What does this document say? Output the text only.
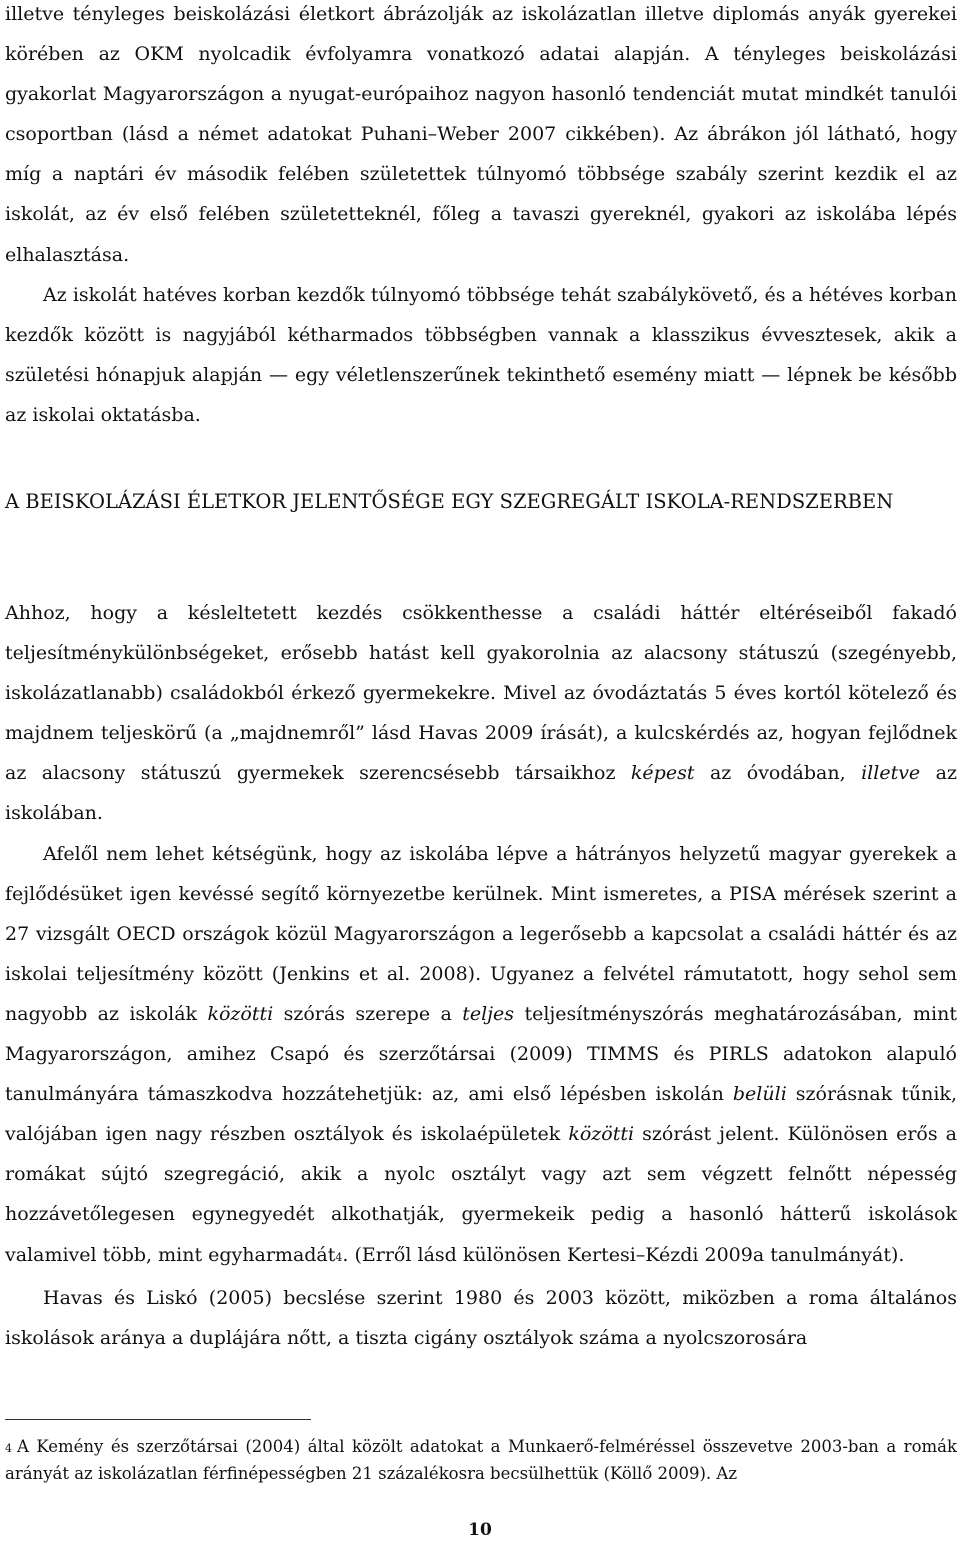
illetve tényleges beiskolázási életkort ábrázolják az iskolázatlan illetve diplomás anyák gyerekei körében az OKM nyolcadik évfolyamra vonatkozó adatai alapján. A tényleges beiskolázási gyakorlat Magyarországon a nyugat-európaihoz nagyon hasonló tendenciát mutat mindkét tanulói csoportban (lásd a német adatokat Puhani–Weber 2007 cikkében). Az ábrákon jól látható, hogy míg a naptári év második felében születettek túlnyomó többsége szabály szerint kezdik el az iskolát, az év első felében születetteknél, főleg a tavaszi gyereknél, gyakori az iskolába lépés elhalasztása.

Az iskolát hatéves korban kezdők túlnyomó többsége tehát szabálykövető, és a hétéves korban kezdők között is nagyjából kétharmados többségben vannak a klasszikus évvesztesek, akik a születési hónapjuk alapján — egy véletlenszerűnek tekinthető esemény miatt — lépnek be később az iskolai oktatásba.

A BEISKOLÁZÁSI ÉLETKOR JELENTŐSÉGE EGY SZEGREGÁLT ISKOLA-RENDSZERBEN

Ahhoz, hogy a késleltetett kezdés csökkenthesse a családi háttér eltéréseiből fakadó teljesítménykülönbségeket, erősebb hatást kell gyakorolnia az alacsony státuszú (szegényebb, iskolázatlanabb) családokból érkező gyermekekre. Mivel az óvodáztatás 5 éves kortól kötelező és majdnem teljeskörű (a „majdnemről” lásd Havas 2009 írását), a kulcskérdés az, hogyan fejlődnek az alacsony státuszú gyermekek szerencsésebb társaikhoz képest az óvodában, illetve az iskolában.

Afelől nem lehet kétségünk, hogy az iskolába lépve a hátrányos helyzetű magyar gyerekek a fejlődésüket igen kevéssé segítő környezetbe kerülnek. Mint ismeretes, a PISA mérések szerint a 27 vizsgált OECD országok közül Magyarországon a legerősebb a kapcsolat a családi háttér és az iskolai teljesítmény között (Jenkins et al. 2008). Ugyanez a felvétel rámutatott, hogy sehol sem nagyobb az iskolák közötti szórás szerepe a teljes teljesítményszórás meghatározásában, mint Magyarországon, amihez Csapó és szerzőtársai (2009) TIMMS és PIRLS adatokon alapuló tanulmányára támaszkodva hozzátehetjük: az, ami első lépésben iskolán belüli szórásnak tűnik, valójában igen nagy részben osztályok és iskolaépületek közötti szórást jelent. Különösen erős a romákat sújtó szegregáció, akik a nyolc osztályt vagy azt sem végzett felnőtt népesség hozzávetőlegesen egynegyedét alkothatják, gyermekeik pedig a hasonló hátterű iskolások valamivel több, mint egyharmadát4. (Erről lásd különösen Kertesi–Kézdi 2009a tanulmányát).

Havas és Liskó (2005) becslése szerint 1980 és 2003 között, miközben a roma általános iskolások aránya a duplájára nőtt, a tiszta cigány osztályok száma a nyolcszorosára

4 A Kemény és szerzőtársai (2004) által közölt adatokat a Munkaerő-felméréssel összevetve 2003-ban a romák arányát az iskolázatlan férfinépességben 21 százalékosra becsülhettük (Köllő 2009). Az

10
